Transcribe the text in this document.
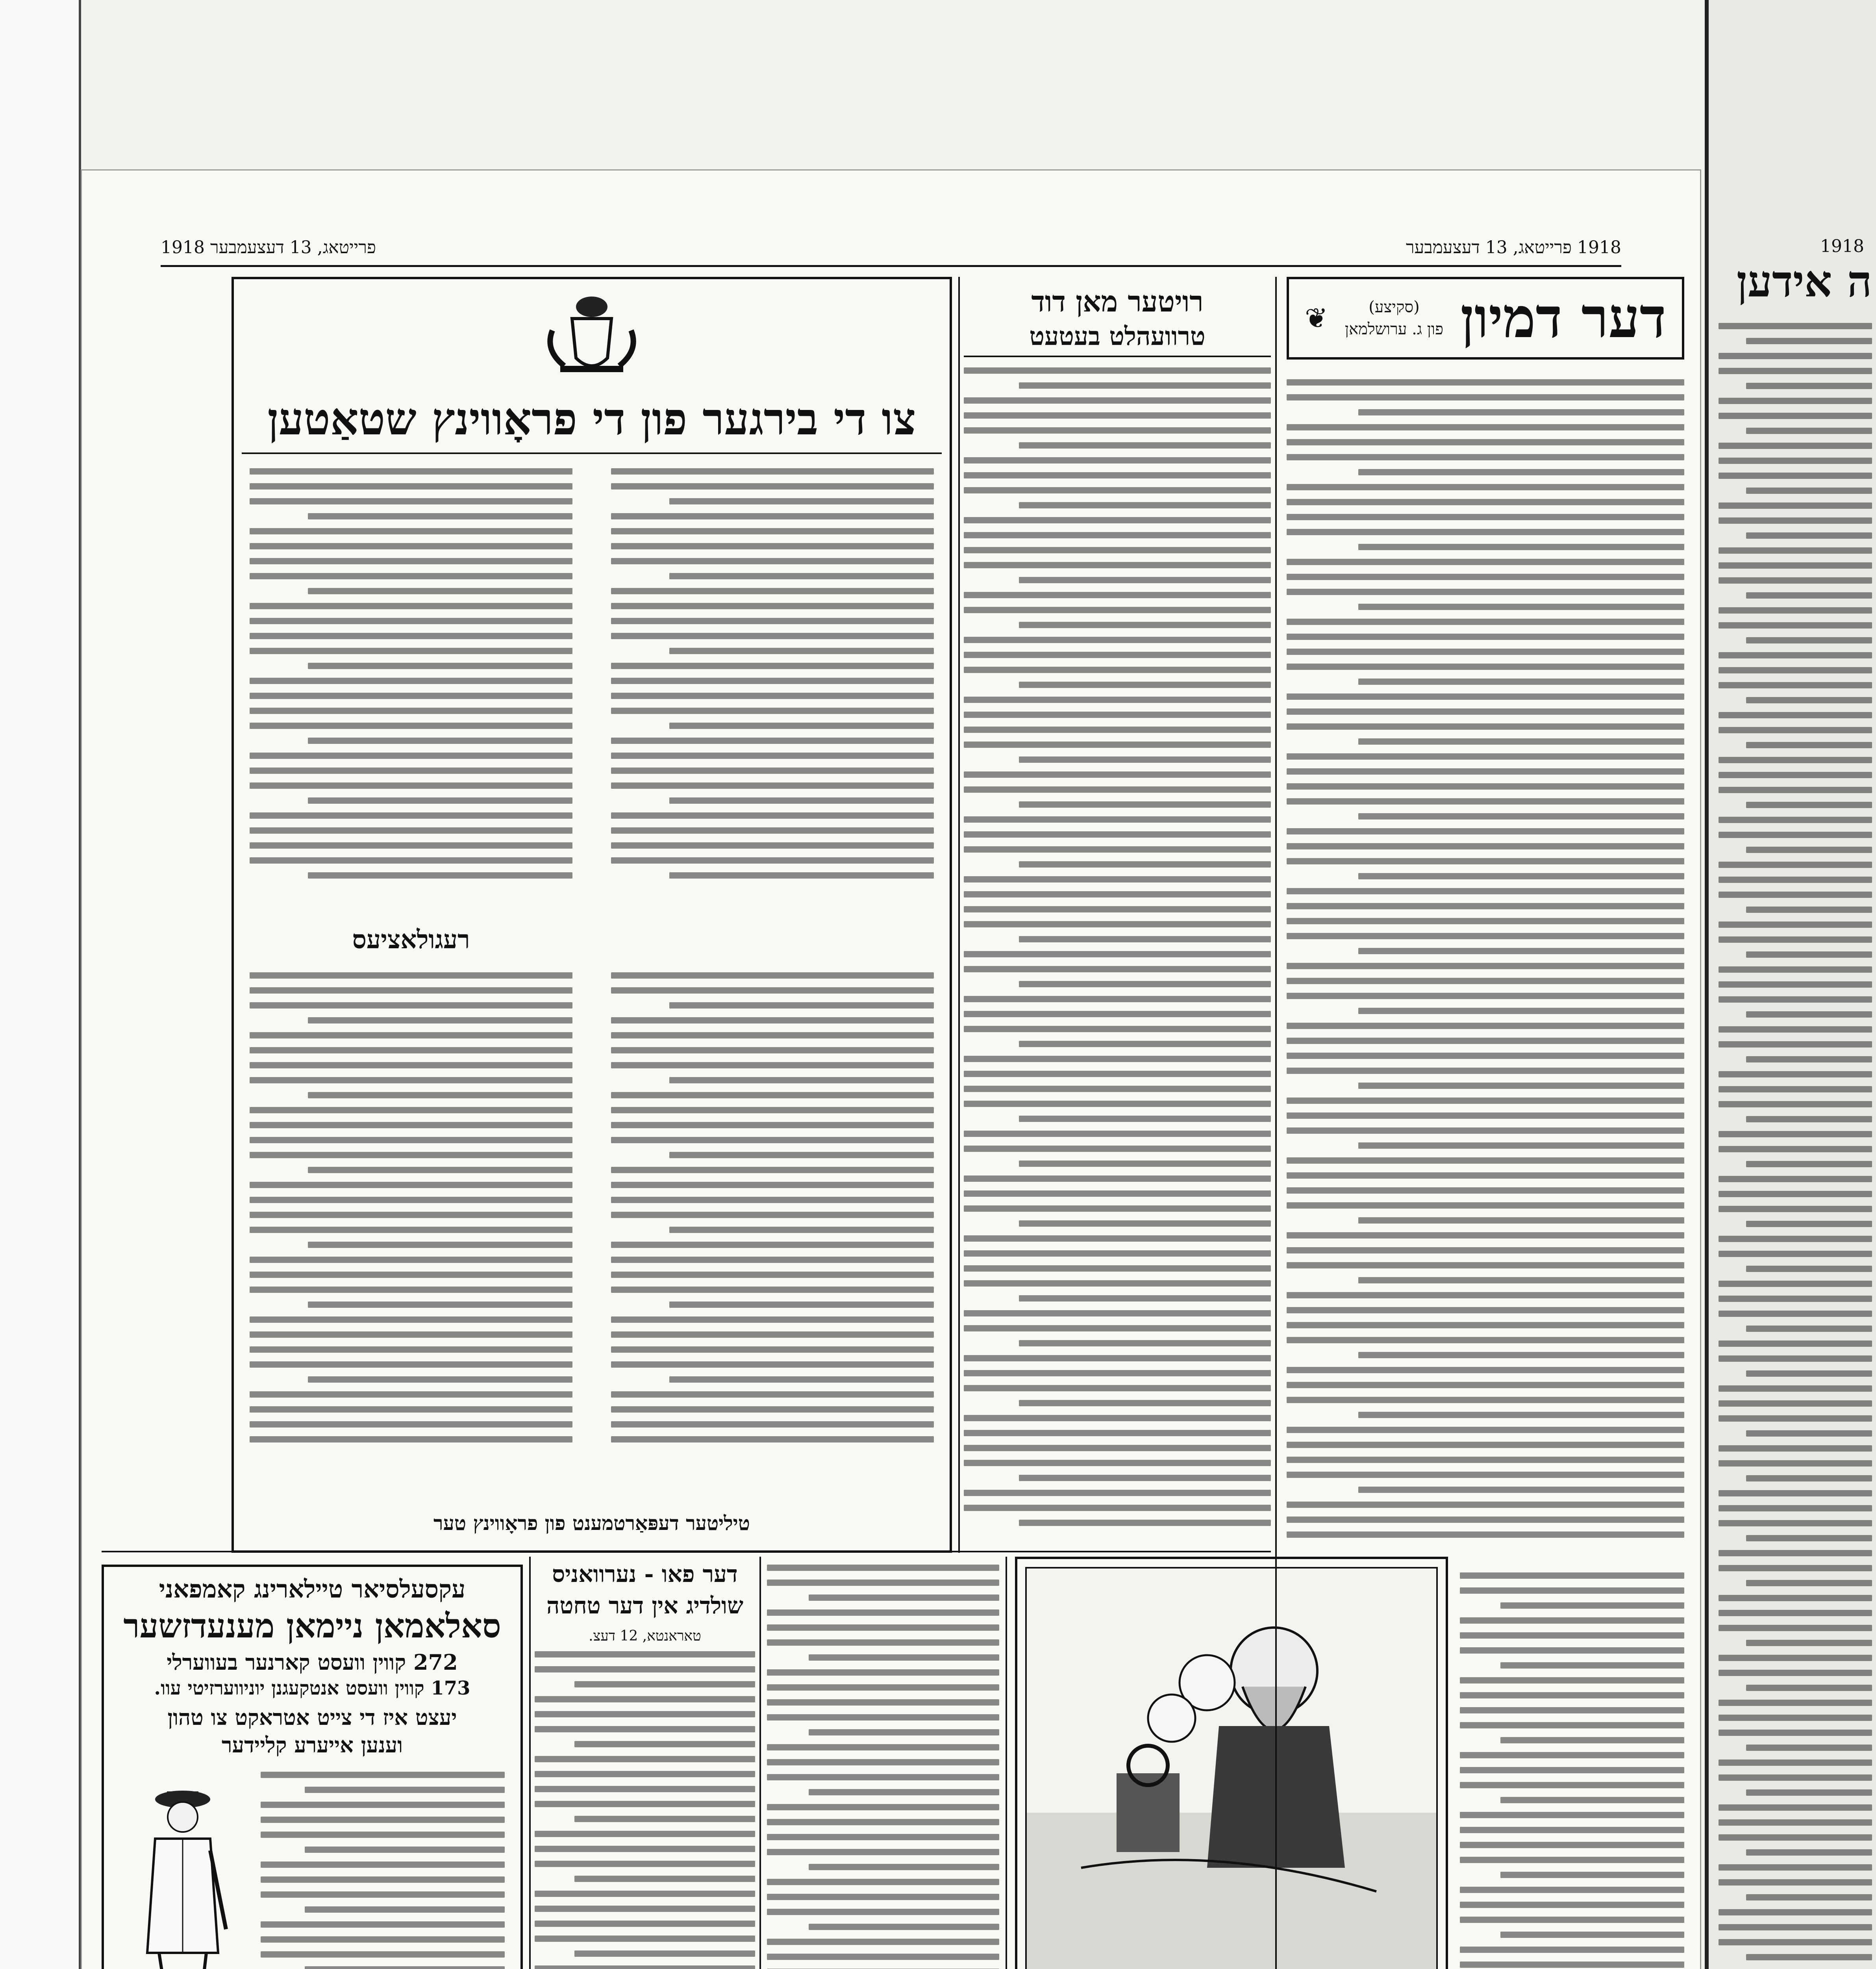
1918
ה אידען
1918 פרייטאג, 13 דעצעמבער
פרייטאג, 13 דעצעמבער 1918
דער דמיון
(סקיצע)
פון ג. ערושלמאן
❦
רויטער מאן דוד
טרוועהלט בעטעט
צו די בירגער פון די פראָווינץ שטאַטען
רעגולאציעס
טיליטער דעפּאַרטמענט פון פראָווינץ טער
דער פאו - נערוואניס
שולדיג אין דער טחטה
טאראנטא, 12 דעצ.
עקסעלסיאר טיילארינג קאמפאני
סאלאמאן ניימאן מענעדזשער
272 קווין וועסט קארנער בעווערלי
173 קווין וועסט אנטקעגנן יוניווערזיטי עוו.
יעצט איז די צייט אטראקט צו טהון
וענען אייערע קליידער
